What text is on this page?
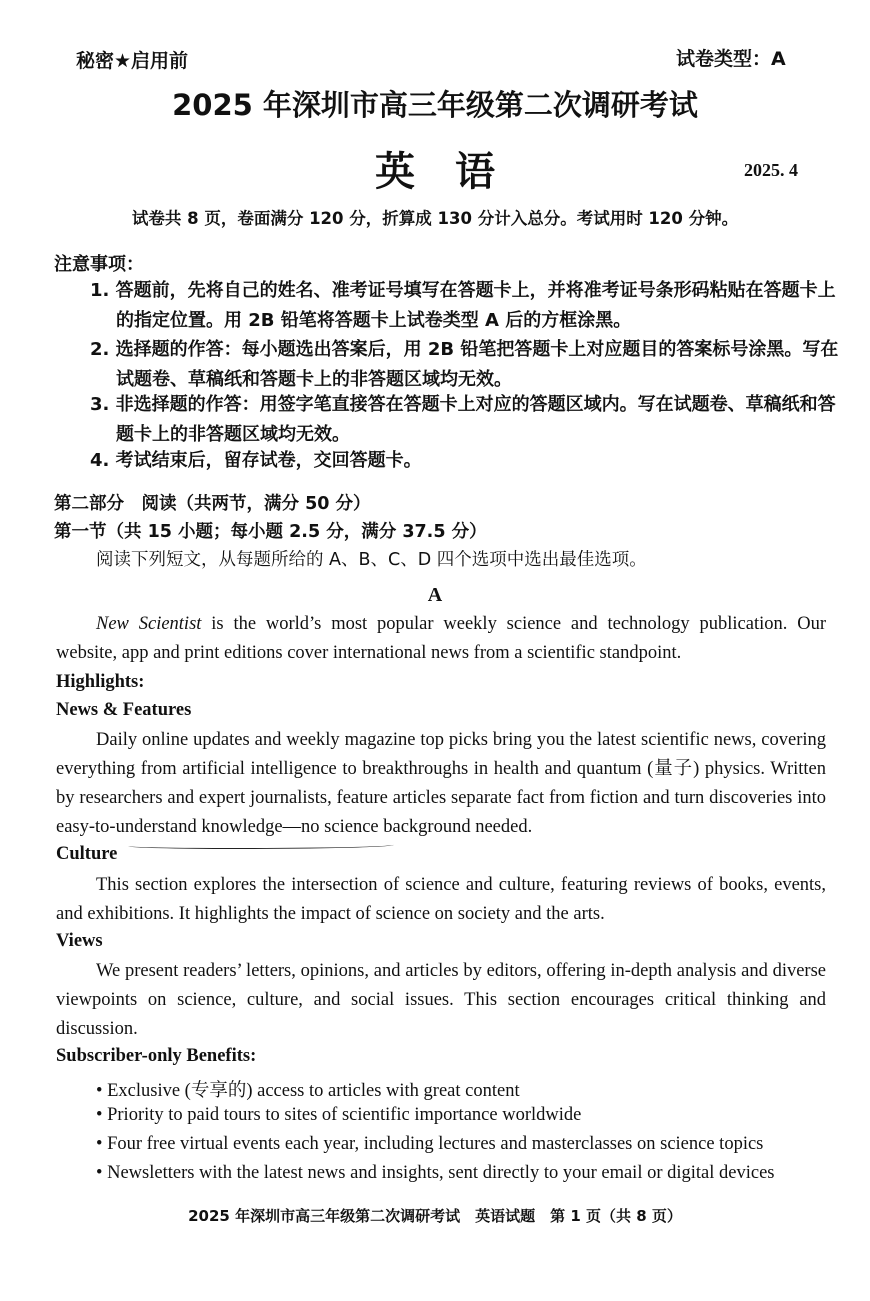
秘密★启用前	试卷类型：A
2025 年深圳市高三年级第二次调研考试
英　语	2025. 4
试卷共 8 页，卷面满分 120 分，折算成 130 分计入总分。考试用时 120 分钟。
注意事项：
1. 答题前，先将自己的姓名、准考证号填写在答题卡上，并将准考证号条形码粘贴在答题卡上的指定位置。用 2B 铅笔将答题卡上试卷类型 A 后的方框涂黑。
2. 选择题的作答：每小题选出答案后，用 2B 铅笔把答题卡上对应题目的答案标号涂黑。写在试题卷、草稿纸和答题卡上的非答题区域均无效。
3. 非选择题的作答：用签字笔直接答在答题卡上对应的答题区域内。写在试题卷、草稿纸和答题卡上的非答题区域均无效。
4. 考试结束后，留存试卷，交回答题卡。
第二部分　阅读（共两节，满分 50 分）
第一节（共 15 小题；每小题 2.5 分，满分 37.5 分）
阅读下列短文，从每题所给的 A、B、C、D 四个选项中选出最佳选项。
A
New Scientist is the world’s most popular weekly science and technology publication. Our website, app and print editions cover international news from a scientific standpoint.
Highlights:
News & Features
Daily online updates and weekly magazine top picks bring you the latest scientific news, covering everything from artificial intelligence to breakthroughs in health and quantum (量子) physics. Written by researchers and expert journalists, feature articles separate fact from fiction and turn discoveries into easy-to-understand knowledge—no science background needed.
Culture
This section explores the intersection of science and culture, featuring reviews of books, events, and exhibitions. It highlights the impact of science on society and the arts.
Views
We present readers’ letters, opinions, and articles by editors, offering in-depth analysis and diverse viewpoints on science, culture, and social issues. This section encourages critical thinking and discussion.
Subscriber-only Benefits:
• Exclusive (专享的) access to articles with great content
• Priority to paid tours to sites of scientific importance worldwide
• Four free virtual events each year, including lectures and masterclasses on science topics
• Newsletters with the latest news and insights, sent directly to your email or digital devices
2025 年深圳市高三年级第二次调研考试　英语试题　第 1 页（共 8 页）
